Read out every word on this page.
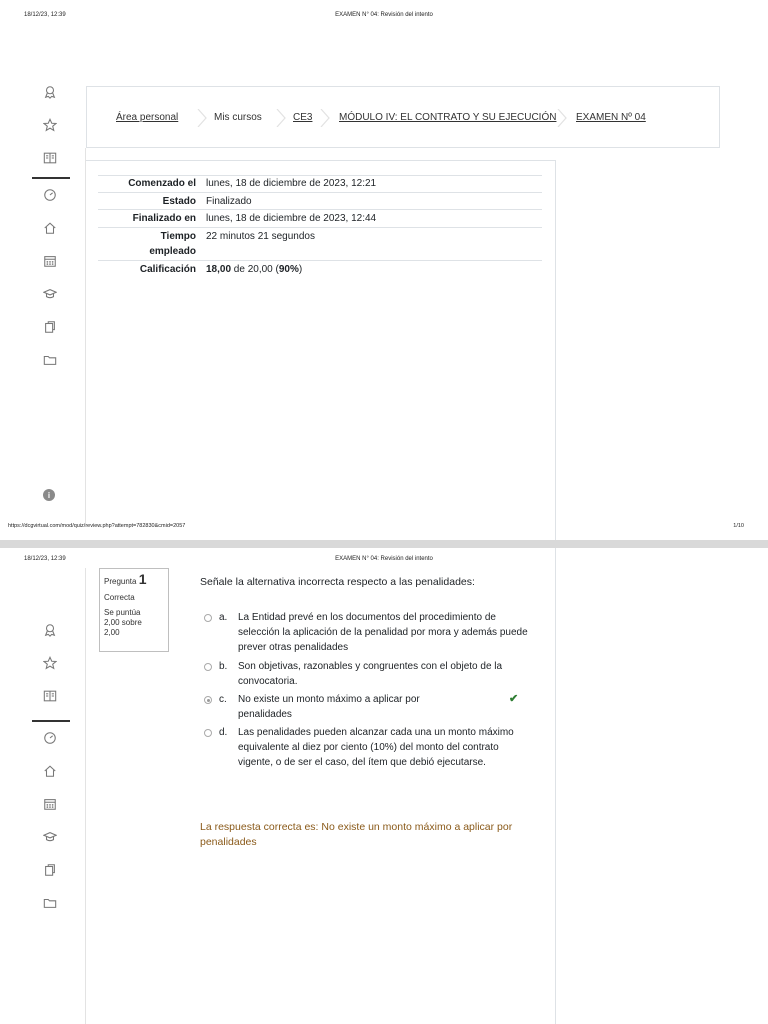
18/12/23, 12:39	EXAMEN N° 04: Revisión del intento
i
Área personal	Mis cursos	CE3	MÓDULO IV: EL CONTRATO Y SU EJECUCIÓN EXAMEN Nº 04
Comenzado el lunes, 18 de diciembre de 2023, 12:21
Estado Finalizado
Finalizado en lunes, 18 de diciembre de 2023, 12:44
Tiempo
empleado
22 minutos 21 segundos
Calificación 18,00 de 20,00 (90%)
https://dcgvirtual.com/mod/quiz/review.php?attempt=782830&cmid=2057	1/10
18/12/23, 12:39	EXAMEN N° 04: Revisión del intento
Pregunta 1
Correcta
Se puntúa
2,00 sobre
2,00
Señale la alternativa incorrecta respecto a las penalidades:
a. La Entidad prevé en los documentos del procedimiento de selección la aplicación de la penalidad por mora y además puede prever otras penalidades
b. Son objetivas, razonables y congruentes con el objeto de la convocatoria.
c. No existe un monto máximo a aplicar por penalidades
✔
d. Las penalidades pueden alcanzar cada una un monto máximo equivalente al diez por ciento (10%) del monto del contrato vigente, o de ser el caso, del ítem que debió ejecutarse.
La respuesta correcta es: No existe un monto máximo a aplicar por penalidades
